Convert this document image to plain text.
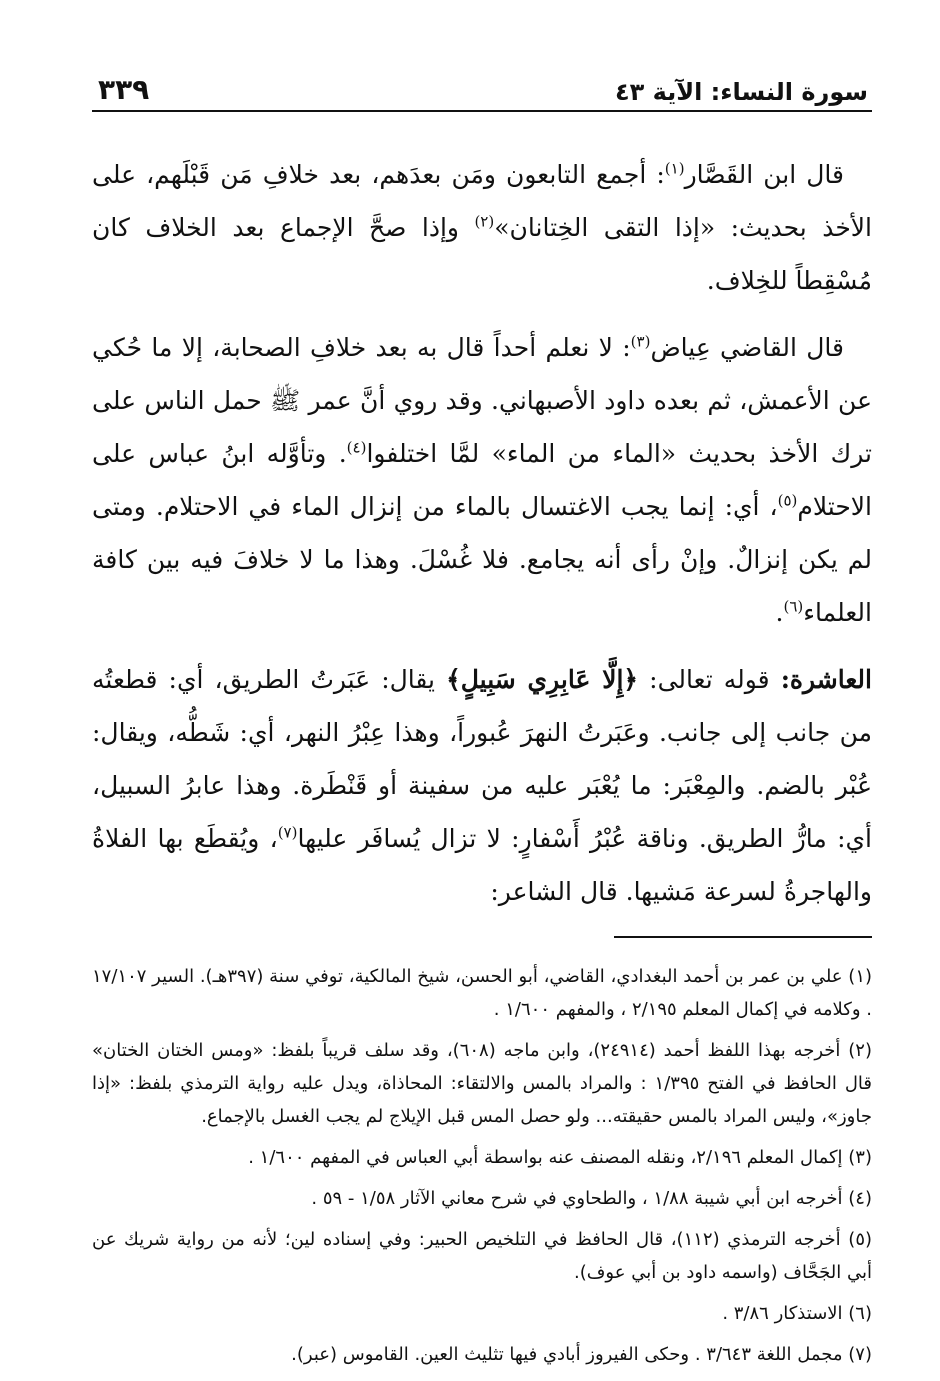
سورة النساء: الآية ٤٣
٣٣٩

قال ابن القَصَّار$^{(١)}$: أجمع التابعون ومَن بعدَهم، بعد خلافِ مَن قَبْلَهم، على الأخذ بحديث: «إذا التقى الخِتانان»$^{(٢)}$ وإذا صحَّ الإجماع بعد الخلاف كان مُسْقِطاً للخِلاف.

قال القاضي عِياض$^{(٣)}$: لا نعلم أحداً قال به بعد خلافِ الصحابة، إلا ما حُكي عن الأعمش، ثم بعده داود الأصبهاني. وقد روي أنَّ عمر ﷺ حمل الناس على ترك الأخذ بحديث «الماء من الماء» لمَّا اختلفوا$^{(٤)}$. وتأوَّله ابنُ عباس على الاحتلام$^{(٥)}$، أي: إنما يجب الاغتسال بالماء من إنزال الماء في الاحتلام. ومتى لم يكن إنزالٌ. وإنْ رأى أنه يجامع. فلا غُسْلَ. وهذا ما لا خلافَ فيه بين كافة العلماء$^{(٦)}$.

العاشرة: قوله تعالى: ﴿إِلَّا عَابِرِي سَبِيلٍ﴾ يقال: عَبَرتُ الطريق، أي: قطعتُه من جانب إلى جانب. وعَبَرتُ النهرَ عُبوراً، وهذا عِبْرُ النهر، أي: شَطُّه، ويقال: عُبْر بالضم. والمِعْبَر: ما يُعْبَر عليه من سفينة أو قَنْطَرة. وهذا عابرُ السبيل، أي: مارُّ الطريق. وناقة عُبْرُ أَسْفارٍ: لا تزال يُسافَر عليها$^{(٧)}$، ويُقطَع بها الفلاةُ والهاجرةُ لسرعة مَشيها. قال الشاعر:

(١) علي بن عمر بن أحمد البغدادي، القاضي، أبو الحسن، شيخ المالكية، توفي سنة (٣٩٧هـ). السير ١٧/١٠٧ . وكلامه في إكمال المعلم ٢/١٩٥ ، والمفهم ١/٦٠٠ .

(٢) أخرجه بهذا اللفظ أحمد (٢٤٩١٤)، وابن ماجه (٦٠٨)، وقد سلف قريباً بلفظ: «ومس الختان الختان» قال الحافظ في الفتح ١/٣٩٥ : والمراد بالمس والالتقاء: المحاذاة، ويدل عليه رواية الترمذي بلفظ: «إذا جاوز»، وليس المراد بالمس حقيقته... ولو حصل المس قبل الإيلاج لم يجب الغسل بالإجماع.

(٣) إكمال المعلم ٢/١٩٦، ونقله المصنف عنه بواسطة أبي العباس في المفهم ١/٦٠٠ .

(٤) أخرجه ابن أبي شيبة ١/٨٨ ، والطحاوي في شرح معاني الآثار ١/٥٨ - ٥٩ .

(٥) أخرجه الترمذي (١١٢)، قال الحافظ في التلخيص الحبير: وفي إسناده لين؛ لأنه من رواية شريك عن أبي الجَحَّاف (واسمه داود بن أبي عوف).

(٦) الاستذكار ٣/٨٦ .

(٧) مجمل اللغة ٣/٦٤٣ . وحكى الفيروز أبادي فيها تثليث العين. القاموس (عبر).
